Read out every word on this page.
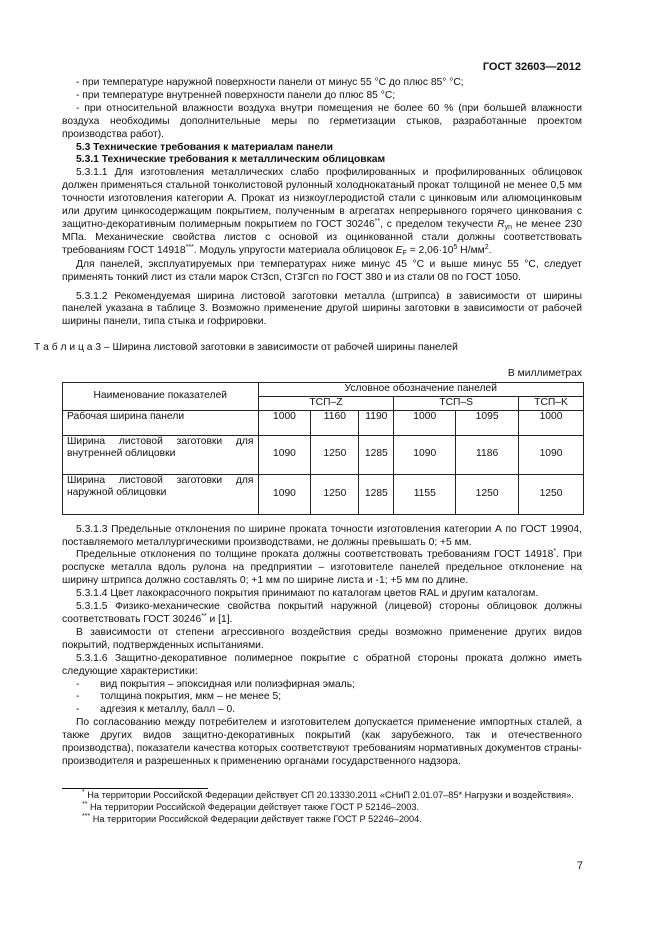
ГОСТ 32603—2012

- при температуре наружной поверхности панели от минус 55 °С до плюс 85° °С;

- при температуре внутренней поверхности панели до плюс 85 °С;

- при относительной влажности воздуха внутри помещения не более 60 % (при большей влажности воздуха необходимы дополнительные меры по герметизации стыков, разработанные проектом производства работ).

5.3 Технические требования к материалам панели

5.3.1 Технические требования к металлическим облицовкам

5.3.1.1 Для изготовления металлических слабо профилированных и профилированных облицовок должен применяться стальной тонколистовой рулонный холоднокатаный прокат толщиной не менее 0,5 мм точности изготовления категории А. Прокат из низкоуглеродистой стали с цинковым или алюмоцинковым или другим цинкосодержащим покрытием, полученным в агрегатах непрерывного горячего цинкования с защитно-декоративным полимерным покрытием по ГОСТ 30246**, с пределом текучести $R_{yn}$ не менее 230 МПа. Механические свойства листов с основой из оцинкованной стали должны соответствовать требованиям ГОСТ 14918***. Модуль упругости материала облицовок $E_F = 2,06\cdot 10^5$ $Н/мм^2$.

Для панелей, эксплуатируемых при температурах ниже минус 45 °С и выше минус 55 °С, следует применять тонкий лист из стали марок Ст3сп, Ст3Гсп по ГОСТ 380 и из стали 08 по ГОСТ 1050.

5.3.1.2 Рекомендуемая ширина листовой заготовки металла (штрипса) в зависимости от ширины панелей указана в таблице 3. Возможно применение другой ширины заготовки в зависимости от рабочей ширины панели, типа стыка и гофрировки.

Т а б л и ц а 3 – Ширина листовой заготовки в зависимости от рабочей ширины панелей

В миллиметрах

Наименование показателей	Условное обозначение панелей					
	ТСП–Z			ТСП–S		ТСП–K
Рабочая ширина панели	1000	1160	1190	1000	1095	1000
Ширина листовой заготовки для внутренней облицовки	1090	1250	1285	1090	1186	1090
Ширина листовой заготовки для наружной облицовки	1090	1250	1285	1155	1250	1250

5.3.1.3 Предельные отклонения по ширине проката точности изготовления категории А по ГОСТ 19904, поставляемого металлургическими производствами, не должны превышать 0; +5 мм.

Предельные отклонения по толщине проката должны соответствовать требованиям ГОСТ 14918*. При роспуске металла вдоль рулона на предприятии – изготовителе панелей предельное отклонение на ширину штрипса должно составлять 0; +1 мм по ширине листа и -1; +5 мм по длине.

5.3.1.4 Цвет лакокрасочного покрытия принимают по каталогам цветов RAL и другим каталогам.

5.3.1.5 Физико-механические свойства покрытий наружной (лицевой) стороны облицовок должны соответствовать ГОСТ 30246** и [1].

В зависимости от степени агрессивного воздействия среды возможно применение других видов покрытий, подтвержденных испытаниями.

5.3.1.6 Защитно-декоративное полимерное покрытие с обратной стороны проката должно иметь следующие характеристики:

-	вид покрытия – эпоксидная или полиэфирная эмаль;

-	толщина покрытия, мкм – не менее 5;

-	адгезия к металлу, балл – 0.

По согласованию между потребителем и изготовителем допускается применение импортных сталей, а также других видов защитно-декоративных покрытий (как зарубежного, так и отечественного производства), показатели качества которых соответствуют требованиям нормативных документов страны-производителя и разрешенных к применению органами государственного надзора.

* На территории Российской Федерации действует СП 20.13330.2011 «СНиП 2.01.07–85* Нагрузки и воздействия».

** На территории Российской Федерации действует также ГОСТ Р 52146–2003.

*** На территории Российской Федерации действует также ГОСТ Р 52246–2004.

7
